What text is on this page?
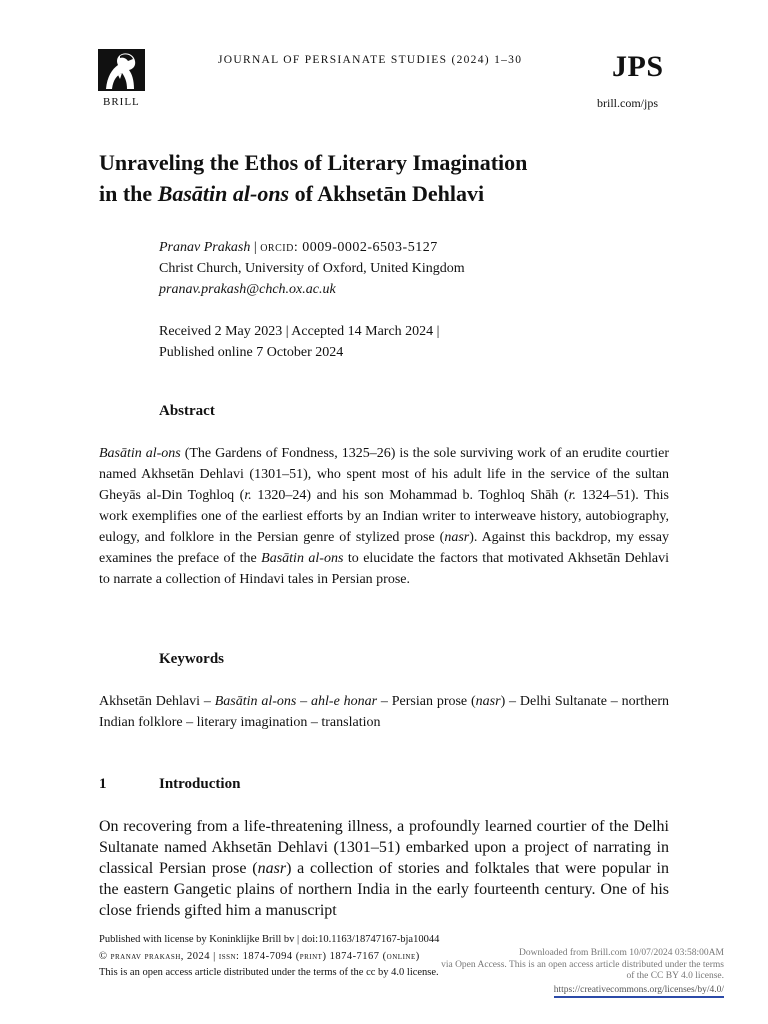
BRILL
JOURNAL OF PERSIANATE STUDIES (2024) 1–30	JPS
brill.com/jps
Unraveling the Ethos of Literary Imagination
in the Basātin al-ons of Akhsetān Dehlavi
Pranav Prakash | orcid: 0009-0002-6503-5127
Christ Church, University of Oxford, United Kingdom
pranav.prakash@chch.ox.ac.uk
Received 2 May 2023 | Accepted 14 March 2024 |
Published online 7 October 2024
Abstract

Basātin al-ons (The Gardens of Fondness, 1325–26) is the sole surviving work of an erudite courtier named Akhsetān Dehlavi (1301–51), who spent most of his adult life in the service of the sultan Gheyās al-Din Toghloq (r. 1320–24) and his son Mohammad b. Toghloq Shāh (r. 1324–51). This work exemplifies one of the earliest efforts by an Indian writer to interweave history, autobiography, eulogy, and folklore in the Persian genre of stylized prose (nasr). Against this backdrop, my essay examines the preface of the Basātin al-ons to elucidate the factors that motivated Akhsetān Dehlavi to narrate a collection of Hindavi tales in Persian prose.

Keywords

Akhsetān Dehlavi – Basātin al-ons – ahl-e honar – Persian prose (nasr) – Delhi Sultanate – northern Indian folklore – literary imagination – translation

1	Introduction

On recovering from a life-threatening illness, a profoundly learned courtier of the Delhi Sultanate named Akhsetān Dehlavi (1301–51) embarked upon a project of narrating in classical Persian prose (nasr) a collection of stories and folktales that were popular in the eastern Gangetic plains of northern India in the early fourteenth century. One of his close friends gifted him a manuscript

Published with license by Koninklijke Brill bv | doi:10.1163/18747167-bja10044
© pranav prakash, 2024 | issn: 1874-7094 (print) 1874-7167 (online)
This is an open access article distributed under the terms of the cc by 4.0 license.
Downloaded from Brill.com 10/07/2024 03:58:00AM
via Open Access. This is an open access article distributed under the terms
of the CC BY 4.0 license.
https://creativecommons.org/licenses/by/4.0/
